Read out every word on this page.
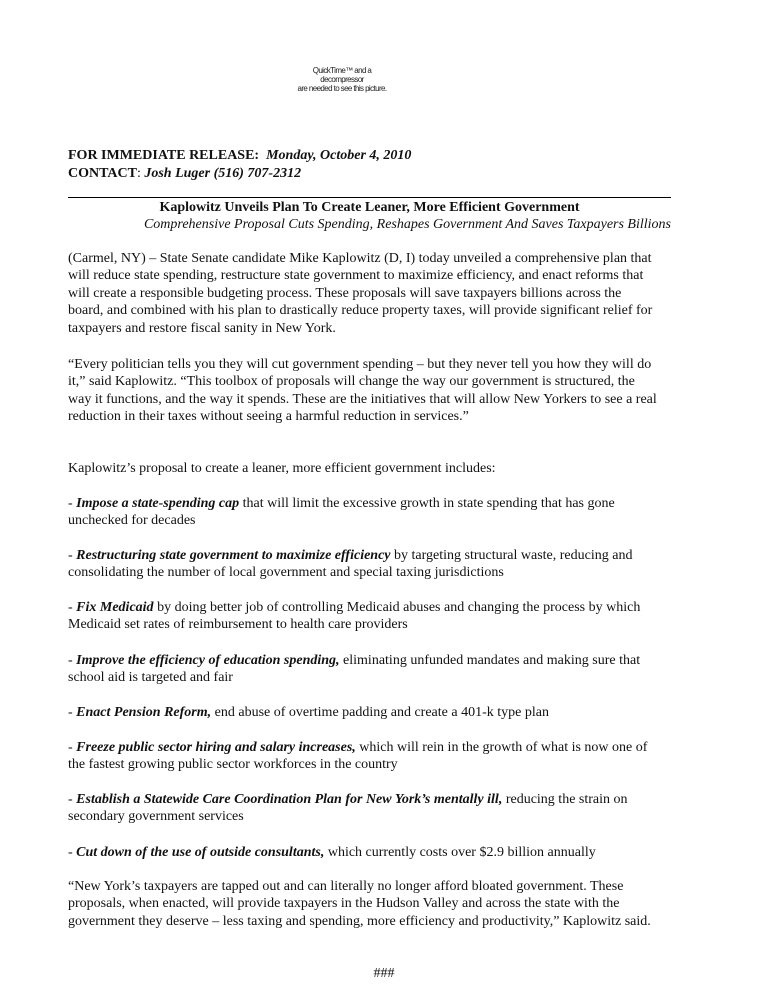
QuickTime™ and a
decompressor
are needed to see this picture.
FOR IMMEDIATE RELEASE: Monday, October 4, 2010
CONTACT: Josh Luger (516) 707-2312
Kaplowitz Unveils Plan To Create Leaner, More Efficient Government
Comprehensive Proposal Cuts Spending, Reshapes Government And Saves Taxpayers Billions
(Carmel, NY) – State Senate candidate Mike Kaplowitz (D, I) today unveiled a comprehensive plan that will reduce state spending, restructure state government to maximize efficiency, and enact reforms that will create a responsible budgeting process. These proposals will save taxpayers billions across the board, and combined with his plan to drastically reduce property taxes, will provide significant relief for taxpayers and restore fiscal sanity in New York.
“Every politician tells you they will cut government spending – but they never tell you how they will do it,” said Kaplowitz. “This toolbox of proposals will change the way our government is structured, the way it functions, and the way it spends. These are the initiatives that will allow New Yorkers to see a real reduction in their taxes without seeing a harmful reduction in services.”
Kaplowitz’s proposal to create a leaner, more efficient government includes:
- Impose a state-spending cap that will limit the excessive growth in state spending that has gone unchecked for decades
- Restructuring state government to maximize efficiency by targeting structural waste, reducing and consolidating the number of local government and special taxing jurisdictions
- Fix Medicaid by doing better job of controlling Medicaid abuses and changing the process by which Medicaid set rates of reimbursement to health care providers
- Improve the efficiency of education spending, eliminating unfunded mandates and making sure that school aid is targeted and fair
- Enact Pension Reform, end abuse of overtime padding and create a 401-k type plan
- Freeze public sector hiring and salary increases, which will rein in the growth of what is now one of the fastest growing public sector workforces in the country
- Establish a Statewide Care Coordination Plan for New York’s mentally ill, reducing the strain on secondary government services
- Cut down of the use of outside consultants, which currently costs over $2.9 billion annually
“New York’s taxpayers are tapped out and can literally no longer afford bloated government. These proposals, when enacted, will provide taxpayers in the Hudson Valley and across the state with the government they deserve – less taxing and spending, more efficiency and productivity,” Kaplowitz said.
###
